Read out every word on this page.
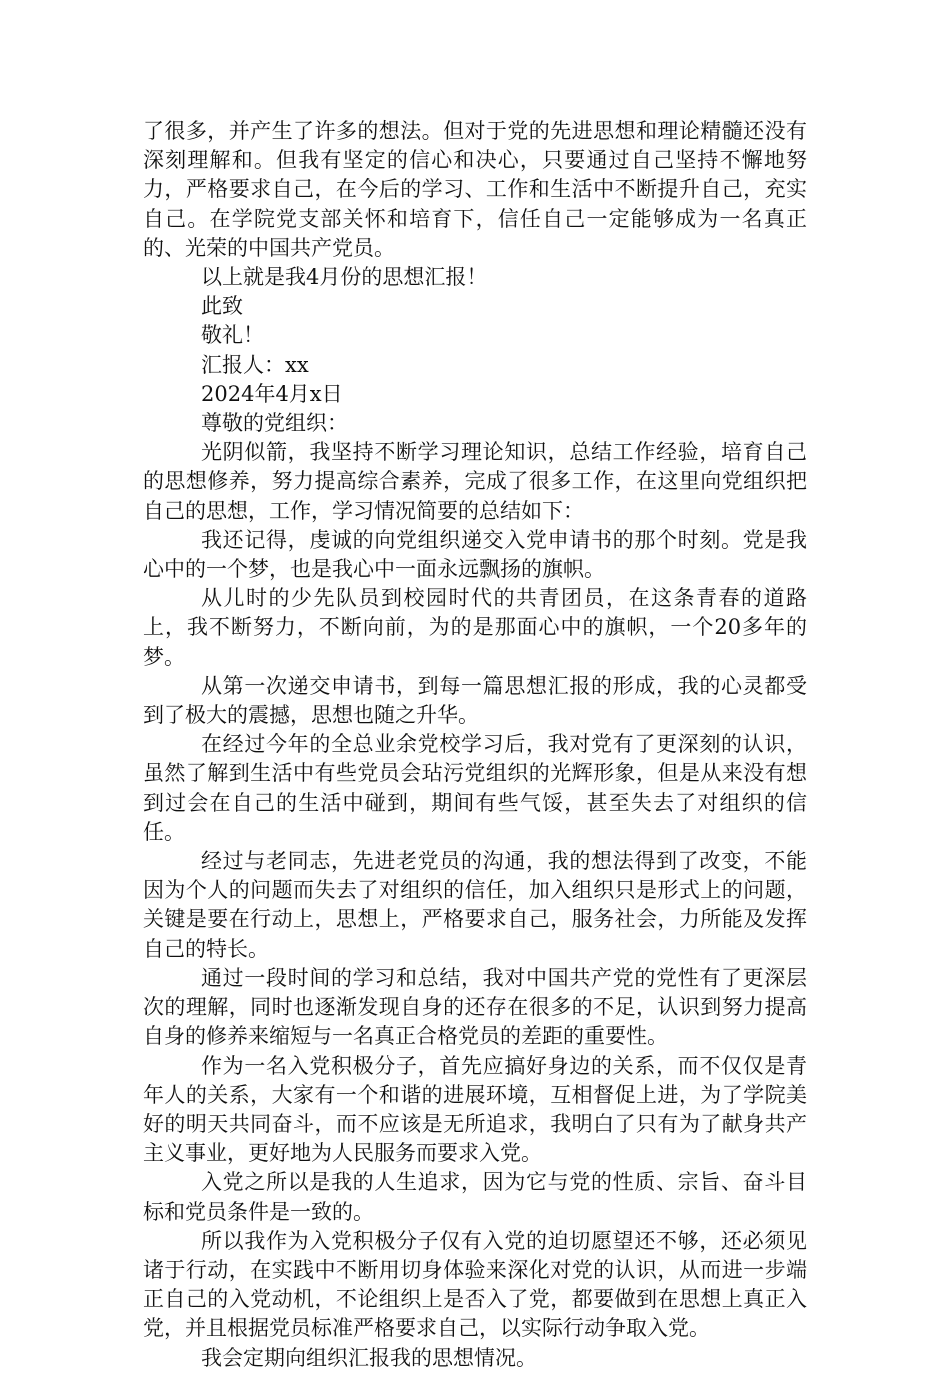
了很多，并产生了许多的想法。但对于党的先进思想和理论精髓还没有深刻理解和。但我有坚定的信心和决心，只要通过自己坚持不懈地努力，严格要求自己，在今后的学习、工作和生活中不断提升自己，充实自己。在学院党支部关怀和培育下，信任自己一定能够成为一名真正的、光荣的中国共产党员。

以上就是我4月份的思想汇报！

此致

敬礼！

汇报人：xx

2024年4月x日

尊敬的党组织：

光阴似箭，我坚持不断学习理论知识，总结工作经验，培育自己的思想修养，努力提高综合素养，完成了很多工作，在这里向党组织把自己的思想，工作，学习情况简要的总结如下：

我还记得，虔诚的向党组织递交入党申请书的那个时刻。党是我心中的一个梦，也是我心中一面永远飘扬的旗帜。

从儿时的少先队员到校园时代的共青团员，在这条青春的道路上，我不断努力，不断向前，为的是那面心中的旗帜，一个20多年的梦。

从第一次递交申请书，到每一篇思想汇报的形成，我的心灵都受到了极大的震撼，思想也随之升华。

在经过今年的全总业余党校学习后，我对党有了更深刻的认识，虽然了解到生活中有些党员会玷污党组织的光辉形象，但是从来没有想到过会在自己的生活中碰到，期间有些气馁，甚至失去了对组织的信任。

经过与老同志，先进老党员的沟通，我的想法得到了改变，不能因为个人的问题而失去了对组织的信任，加入组织只是形式上的问题，关键是要在行动上，思想上，严格要求自己，服务社会，力所能及发挥自己的特长。

通过一段时间的学习和总结，我对中国共产党的党性有了更深层次的理解，同时也逐渐发现自身的还存在很多的不足，认识到努力提高自身的修养来缩短与一名真正合格党员的差距的重要性。

作为一名入党积极分子，首先应搞好身边的关系，而不仅仅是青年人的关系，大家有一个和谐的进展环境，互相督促上进，为了学院美好的明天共同奋斗，而不应该是无所追求，我明白了只有为了献身共产主义事业，更好地为人民服务而要求入党。

入党之所以是我的人生追求，因为它与党的性质、宗旨、奋斗目标和党员条件是一致的。

所以我作为入党积极分子仅有入党的迫切愿望还不够，还必须见诸于行动，在实践中不断用切身体验来深化对党的认识，从而进一步端正自己的入党动机，不论组织上是否入了党，都要做到在思想上真正入党，并且根据党员标准严格要求自己，以实际行动争取入党。

我会定期向组织汇报我的思想情况。
